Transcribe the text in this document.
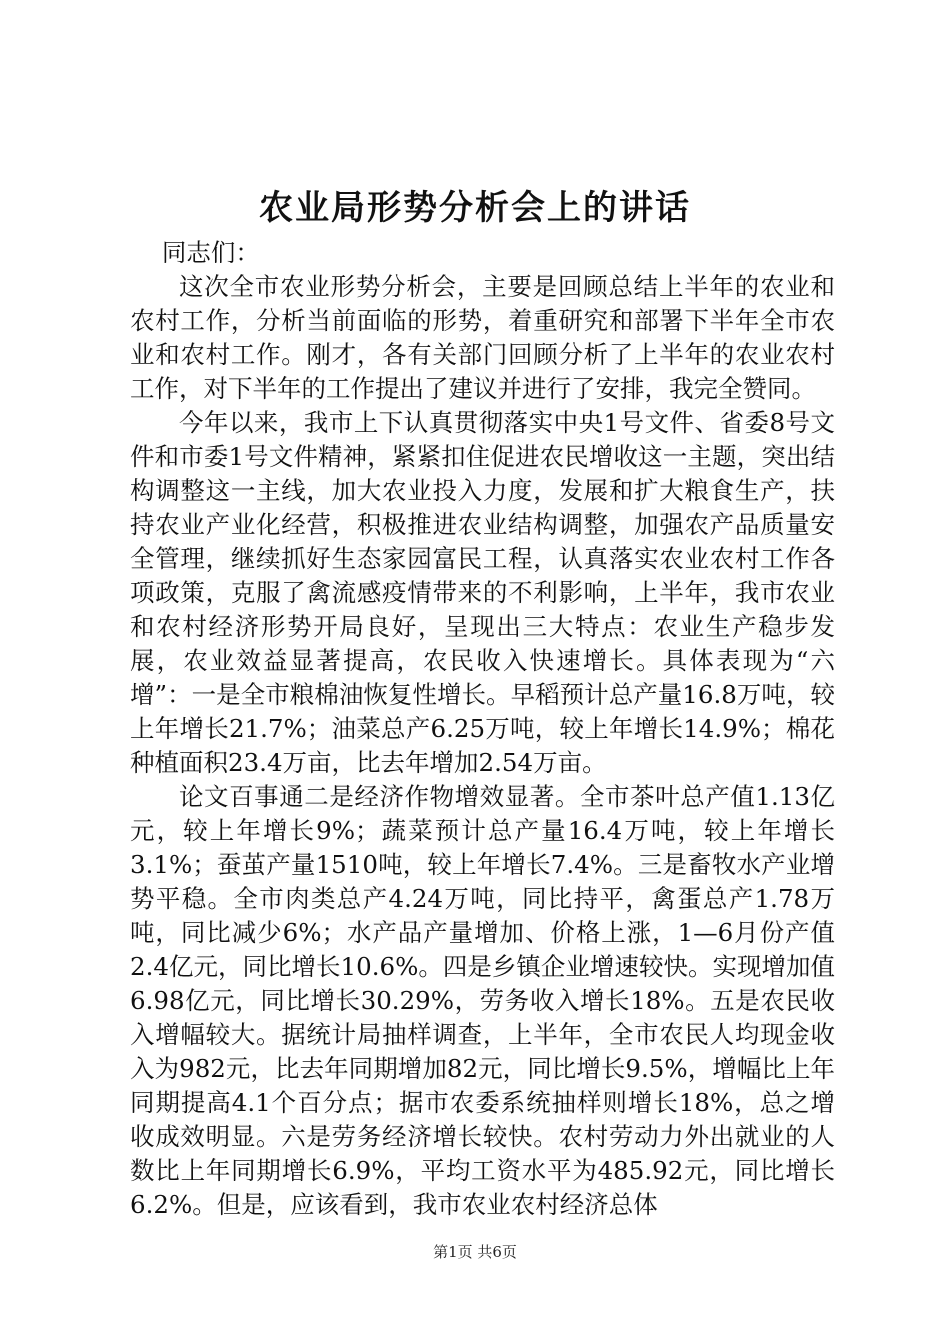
农业局形势分析会上的讲话

同志们：

这次全市农业形势分析会，主要是回顾总结上半年的农业和农村工作，分析当前面临的形势，着重研究和部署下半年全市农业和农村工作。刚才，各有关部门回顾分析了上半年的农业农村工作，对下半年的工作提出了建议并进行了安排，我完全赞同。

今年以来，我市上下认真贯彻落实中央1号文件、省委8号文件和市委1号文件精神，紧紧扣住促进农民增收这一主题，突出结构调整这一主线，加大农业投入力度，发展和扩大粮食生产，扶持农业产业化经营，积极推进农业结构调整，加强农产品质量安全管理，继续抓好生态家园富民工程，认真落实农业农村工作各项政策，克服了禽流感疫情带来的不利影响，上半年，我市农业和农村经济形势开局良好，呈现出三大特点：农业生产稳步发展，农业效益显著提高，农民收入快速增长。具体表现为“六增”：一是全市粮棉油恢复性增长。早稻预计总产量16.8万吨，较上年增长21.7%；油菜总产6.25万吨，较上年增长14.9%；棉花种植面积23.4万亩，比去年增加2.54万亩。

论文百事通二是经济作物增效显著。全市茶叶总产值1.13亿元，较上年增长9%；蔬菜预计总产量16.4万吨，较上年增长3.1%；蚕茧产量1510吨，较上年增长7.4%。三是畜牧水产业增势平稳。全市肉类总产4.24万吨，同比持平，禽蛋总产1.78万吨，同比减少6%；水产品产量增加、价格上涨，1—6月份产值2.4亿元，同比增长10.6%。四是乡镇企业增速较快。实现增加值6.98亿元，同比增长30.29%，劳务收入增长18%。五是农民收入增幅较大。据统计局抽样调查，上半年，全市农民人均现金收入为982元，比去年同期增加82元，同比增长9.5%，增幅比上年同期提高4.1个百分点；据市农委系统抽样则增长18%，总之增收成效明显。六是劳务经济增长较快。农村劳动力外出就业的人数比上年同期增长6.9%，平均工资水平为485.92元，同比增长6.2%。但是，应该看到，我市农业农村经济总体

第1页 共6页
